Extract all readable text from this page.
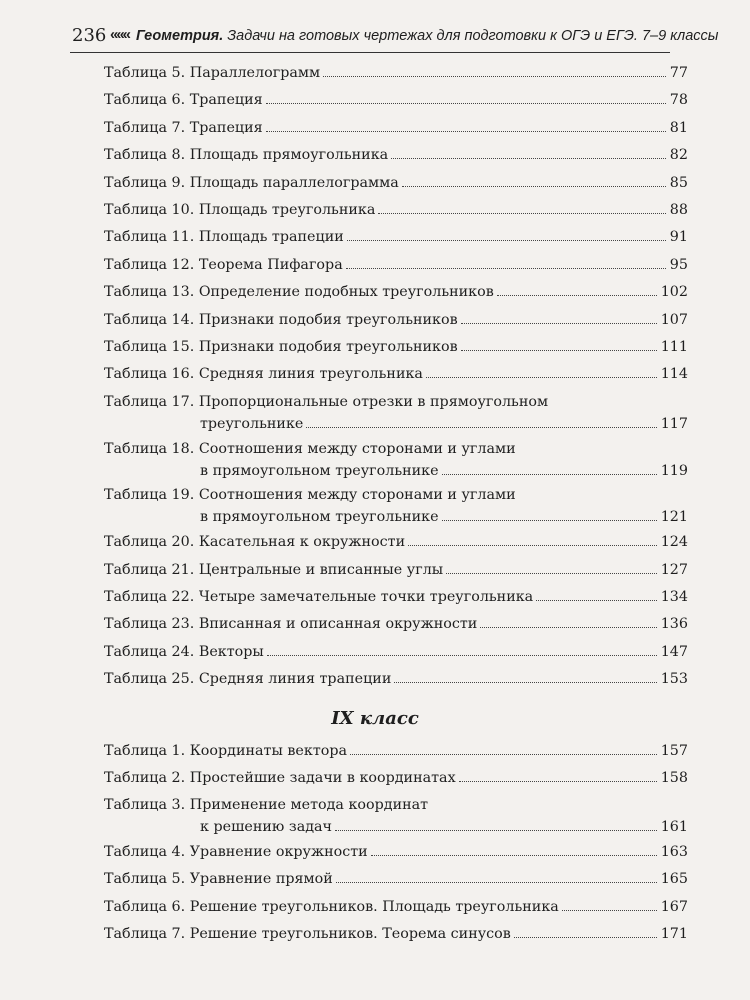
236 ««« Геометрия. Задачи на готовых чертежах для подготовки к ОГЭ и ЕГЭ. 7–9 классы
Таблица 5. Параллелограмм	77
Таблица 6. Трапеция	78
Таблица 7. Трапеция	81
Таблица 8. Площадь прямоугольника	82
Таблица 9. Площадь параллелограмма	85
Таблица 10. Площадь треугольника	88
Таблица 11. Площадь трапеции	91
Таблица 12. Теорема Пифагора	95
Таблица 13. Определение подобных треугольников	102
Таблица 14. Признаки подобия треугольников	107
Таблица 15. Признаки подобия треугольников	111
Таблица 16. Средняя линия треугольника	114
Таблица 17. Пропорциональные отрезки в прямоугольном
треугольнике	117
Таблица 18. Соотношения между сторонами и углами
в прямоугольном треугольнике	119
Таблица 19. Соотношения между сторонами и углами
в прямоугольном треугольнике	121
Таблица 20. Касательная к окружности	124
Таблица 21. Центральные и вписанные углы	127
Таблица 22. Четыре замечательные точки треугольника	134
Таблица 23. Вписанная и описанная окружности	136
Таблица 24. Векторы	147
Таблица 25. Средняя линия трапеции	153
IX класс
Таблица 1. Координаты вектора	157
Таблица 2. Простейшие задачи в координатах	158
Таблица 3. Применение метода координат
к решению задач	161
Таблица 4. Уравнение окружности	163
Таблица 5. Уравнение прямой	165
Таблица 6. Решение треугольников. Площадь треугольника	167
Таблица 7. Решение треугольников. Теорема синусов	171
